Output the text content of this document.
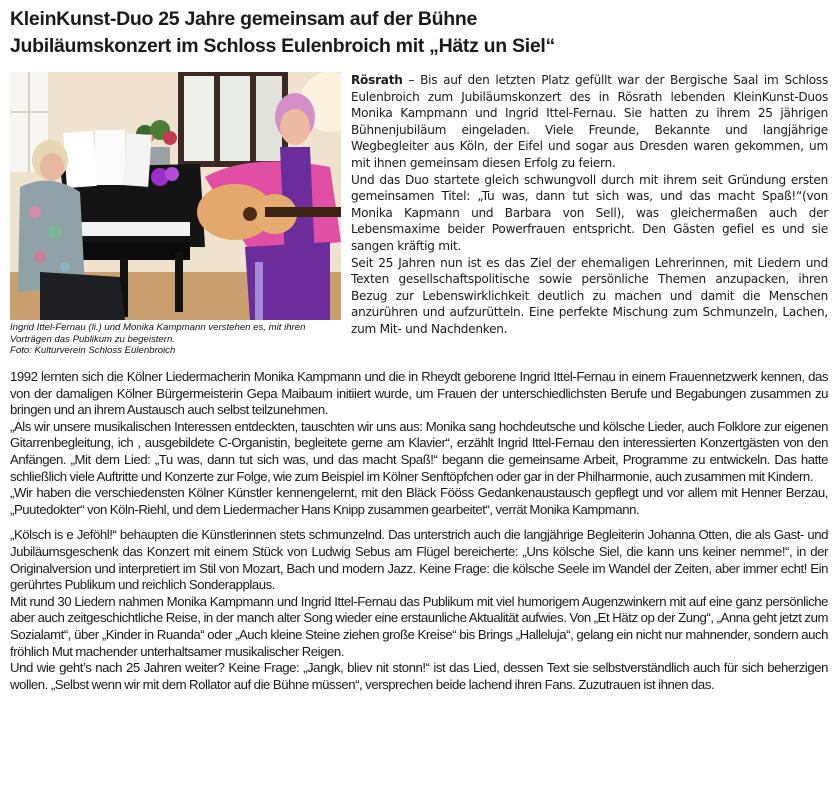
KleinKunst-Duo 25 Jahre gemeinsam auf der Bühne
Jubiläumskonzert im Schloss Eulenbroich mit „Hätz un Siel“
Ingrid Ittel-Fernau (li.) und Monika Kampmann verstehen es, mit ihren
Vorträgen das Publikum zu begeistern.
Foto: Kulturverein Schloss Eulenbroich

Rösrath – Bis auf den letzten Platz gefüllt war der Bergische Saal im Schloss Eulenbroich zum Jubiläumskonzert des in Rösrath lebenden KleinKunst-Duos Monika Kampmann und Ingrid Ittel-Fernau. Sie hatten zu ihrem 25 jährigen Bühnenjubiläum eingeladen. Viele Freunde, Bekannte und langjährige Wegbegleiter aus Köln, der Eifel und sogar aus Dresden waren gekommen, um mit ihnen gemeinsam diesen Erfolg zu feiern.

Und das Duo startete gleich schwungvoll durch mit ihrem seit Gründung ersten gemeinsamen Titel: „Tu was, dann tut sich was, und das macht Spaß!“(von Monika Kapmann und Barbara von Sell), was gleichermaßen auch der Lebensmaxime beider Powerfrauen entspricht. Den Gästen gefiel es und sie sangen kräftig mit.

Seit 25 Jahren nun ist es das Ziel der ehemaligen Lehrerinnen, mit Liedern und Texten gesellschaftspolitische sowie persönliche Themen anzupacken, ihren Bezug zur Lebenswirklichkeit deutlich zu machen und damit die Menschen anzurühren und aufzurütteln. Eine perfekte Mischung zum Schmunzeln, Lachen, zum Mit- und Nachdenken.

1992 lernten sich die Kölner Liedermacherin Monika Kampmann und die in Rheydt geborene Ingrid Ittel-Fernau in einem Frauennetzwerk kennen, das von der damaligen Kölner Bürgermeisterin Gepa Maibaum initiiert wurde, um Frauen der unterschiedlichsten Berufe und Begabungen zusammen zu bringen und an ihrem Austausch auch selbst teilzunehmen.

„Als wir unsere musikalischen Interessen entdeckten, tauschten wir uns aus: Monika sang hochdeutsche und kölsche Lieder, auch Folklore zur eigenen Gitarrenbegleitung, ich , ausgebildete C-Organistin, begleitete gerne am Klavier“, erzählt Ingrid Ittel-Fernau den interessierten Konzertgästen von den Anfängen. „Mit dem Lied: „Tu was, dann tut sich was, und das macht Spaß!“ begann die gemeinsame Arbeit, Programme zu entwickeln. Das hatte schließlich viele Auftritte und Konzerte zur Folge, wie zum Beispiel im Kölner Senftöpfchen oder gar in der Philharmonie, auch zusammen mit Kindern.

„Wir haben die verschiedensten Kölner Künstler kennengelernt, mit den Bläck Fööss Gedankenaustausch gepflegt und vor allem mit Henner Berzau, „Puutedokter“ von Köln-Riehl, und dem Liedermacher Hans Knipp zusammen gearbeitet“, verrät Monika Kampmann.

„Kölsch is e Jeföhl!“ behaupten die Künstlerinnen stets schmunzelnd. Das unterstrich auch die langjährige Begleiterin Johanna Otten, die als Gast- und Jubiläumsgeschenk das Konzert mit einem Stück von Ludwig Sebus am Flügel bereicherte: „Uns kölsche Siel, die kann uns keiner nemme!“, in der Originalversion und interpretiert im Stil von Mozart, Bach und modern Jazz. Keine Frage: die kölsche Seele im Wandel der Zeiten, aber immer echt! Ein gerührtes Publikum und reichlich Sonderapplaus.

Mit rund 30 Liedern nahmen Monika Kampmann und Ingrid Ittel-Fernau das Publikum mit viel humorigem Augenzwinkern mit auf eine ganz persönliche aber auch zeitgeschichtliche Reise, in der manch alter Song wieder eine erstaunliche Aktualität aufwies. Von „Et Hätz op der Zung“, „Anna geht jetzt zum Sozialamt“, über „Kinder in Ruanda“ oder „Auch kleine Steine ziehen große Kreise“ bis Brings „Halleluja“, gelang ein nicht nur mahnender, sondern auch fröhlich Mut machender unterhaltsamer musikalischer Reigen.

Und wie geht’s nach 25 Jahren weiter? Keine Frage: „Jangk, bliev nit stonn!“ ist das Lied, dessen Text sie selbstverständlich auch für sich beherzigen wollen. „Selbst wenn wir mit dem Rollator auf die Bühne müssen“, versprechen beide lachend ihren Fans. Zuzutrauen ist ihnen das.
